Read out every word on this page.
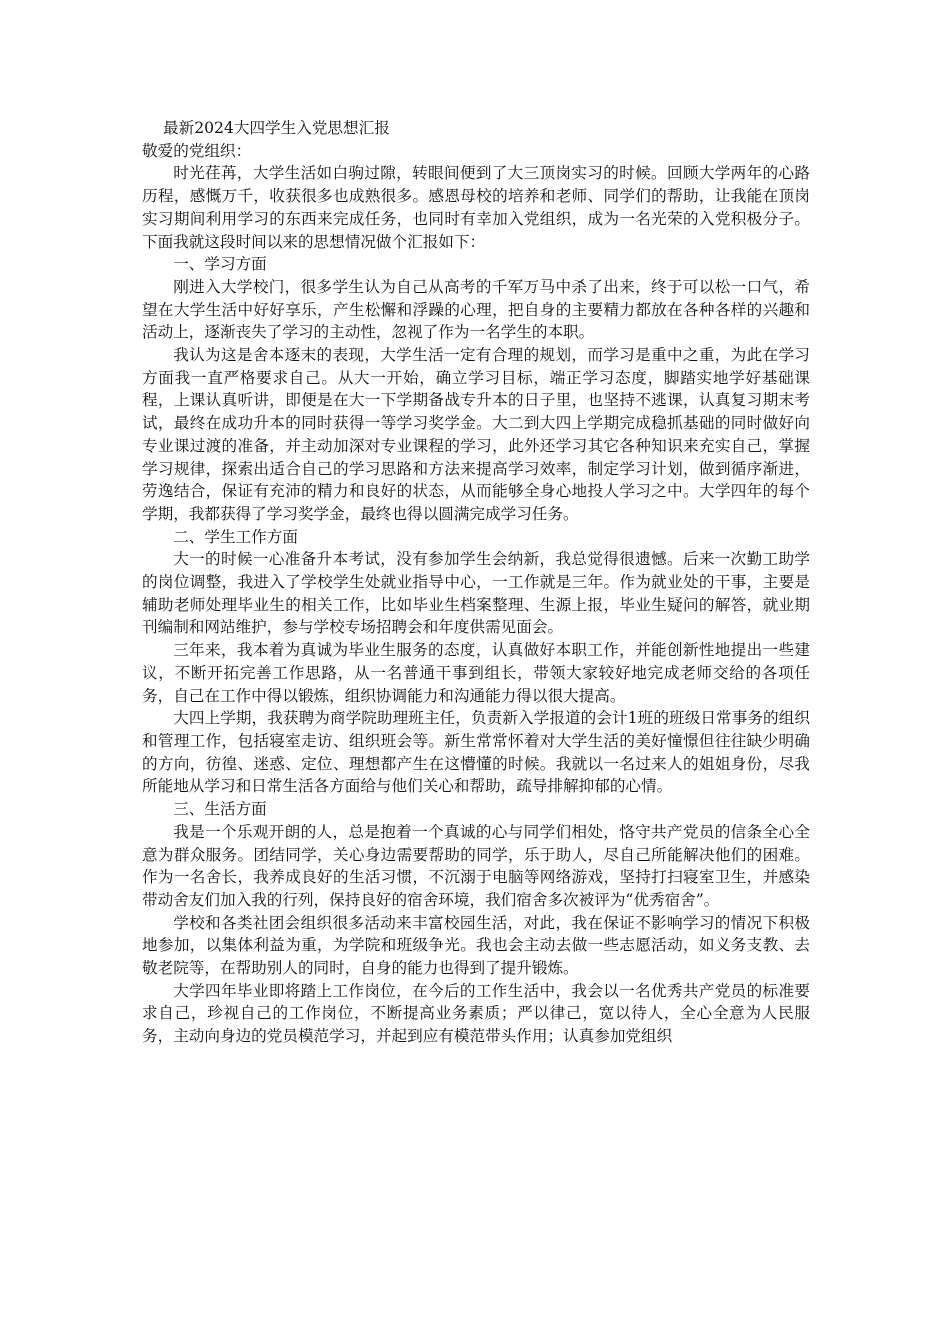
最新2024大四学生入党思想汇报

敬爱的党组织：

时光荏苒，大学生活如白驹过隙，转眼间便到了大三顶岗实习的时候。回顾大学两年的心路历程，感慨万千，收获很多也成熟很多。感恩母校的培养和老师、同学们的帮助，让我能在顶岗实习期间利用学习的东西来完成任务，也同时有幸加入党组织，成为一名光荣的入党积极分子。下面我就这段时间以来的思想情况做个汇报如下：

一、学习方面

刚进入大学校门，很多学生认为自己从高考的千军万马中杀了出来，终于可以松一口气，希望在大学生活中好好享乐，产生松懈和浮躁的心理，把自身的主要精力都放在各种各样的兴趣和活动上，逐渐丧失了学习的主动性，忽视了作为一名学生的本职。

我认为这是舍本逐末的表现，大学生活一定有合理的规划，而学习是重中之重，为此在学习方面我一直严格要求自己。从大一开始，确立学习目标，端正学习态度，脚踏实地学好基础课程，上课认真听讲，即便是在大一下学期备战专升本的日子里，也坚持不逃课，认真复习期末考试，最终在成功升本的同时获得一等学习奖学金。大二到大四上学期完成稳抓基础的同时做好向专业课过渡的准备，并主动加深对专业课程的学习，此外还学习其它各种知识来充实自己，掌握学习规律，探索出适合自己的学习思路和方法来提高学习效率，制定学习计划，做到循序渐进，劳逸结合，保证有充沛的精力和良好的状态，从而能够全身心地投人学习之中。大学四年的每个学期，我都获得了学习奖学金，最终也得以圆满完成学习任务。

二、学生工作方面

大一的时候一心准备升本考试，没有参加学生会纳新，我总觉得很遗憾。后来一次勤工助学的岗位调整，我进入了学校学生处就业指导中心，一工作就是三年。作为就业处的干事，主要是辅助老师处理毕业生的相关工作，比如毕业生档案整理、生源上报，毕业生疑问的解答，就业期刊编制和网站维护，参与学校专场招聘会和年度供需见面会。

三年来，我本着为真诚为毕业生服务的态度，认真做好本职工作，并能创新性地提出一些建议，不断开拓完善工作思路，从一名普通干事到组长，带领大家较好地完成老师交给的各项任务，自己在工作中得以锻炼，组织协调能力和沟通能力得以很大提高。

大四上学期，我获聘为商学院助理班主任，负责新入学报道的会计1班的班级日常事务的组织和管理工作，包括寝室走访、组织班会等。新生常常怀着对大学生活的美好憧憬但往往缺少明确的方向，彷徨、迷惑、定位、理想都产生在这懵懂的时候。我就以一名过来人的姐姐身份，尽我所能地从学习和日常生活各方面给与他们关心和帮助，疏导排解抑郁的心情。

三、生活方面

我是一个乐观开朗的人，总是抱着一个真诚的心与同学们相处，恪守共产党员的信条全心全意为群众服务。团结同学，关心身边需要帮助的同学，乐于助人，尽自己所能解决他们的困难。作为一名舍长，我养成良好的生活习惯，不沉溺于电脑等网络游戏，坚持打扫寝室卫生，并感染带动舍友们加入我的行列，保持良好的宿舍环境，我们宿舍多次被评为“优秀宿舍”。

学校和各类社团会组织很多活动来丰富校园生活，对此，我在保证不影响学习的情况下积极地参加，以集体利益为重，为学院和班级争光。我也会主动去做一些志愿活动，如义务支教、去敬老院等，在帮助别人的同时，自身的能力也得到了提升锻炼。

大学四年毕业即将踏上工作岗位，在今后的工作生活中，我会以一名优秀共产党员的标准要求自己，珍视自己的工作岗位，不断提高业务素质；严以律己，宽以待人，全心全意为人民服务，主动向身边的党员模范学习，并起到应有模范带头作用；认真参加党组织
